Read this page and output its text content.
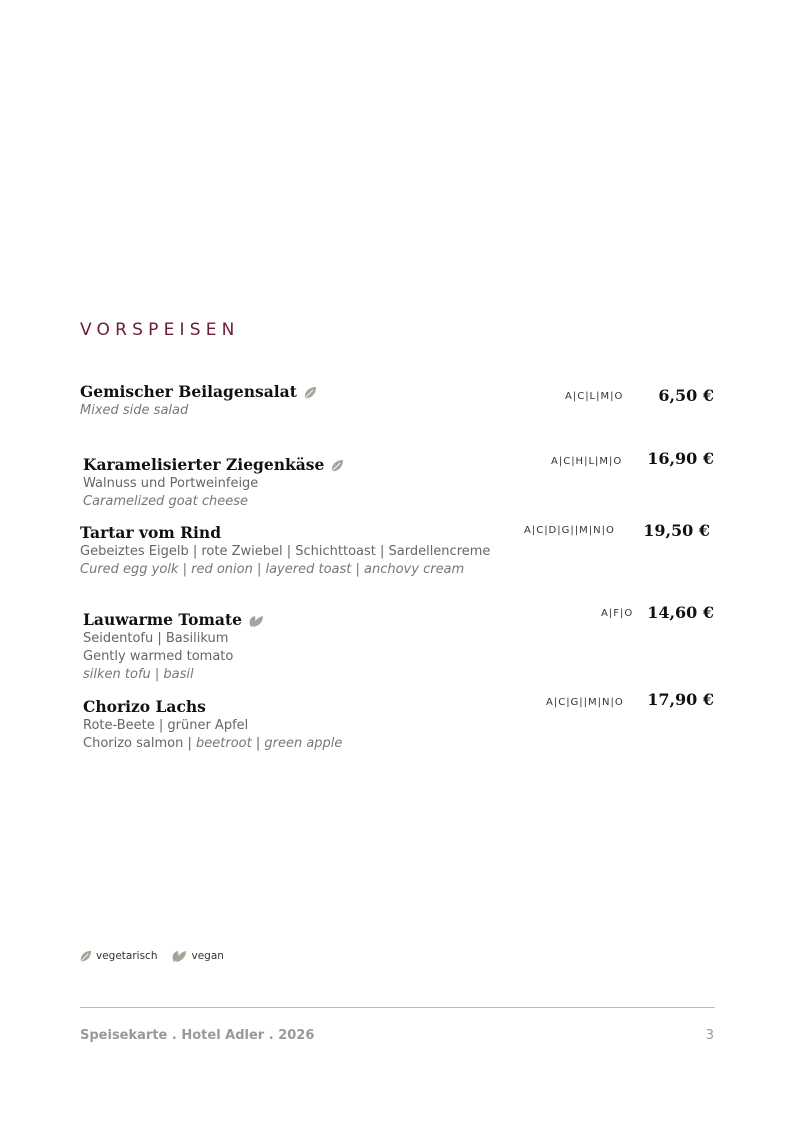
VORSPEISEN
Gemischer Beilagensalat
Mixed side salad
A|C|L|M|O 6,50 €
Karamelisierter Ziegenkäse
Walnuss und Portweinfeige
Caramelized goat cheese
A|C|H|L|M|O 16,90 €
Tartar vom Rind
Gebeiztes Eigelb | rote Zwiebel | Schichttoast | Sardellencreme
Cured egg yolk | red onion | layered toast | anchovy cream
A|C|D|G||M|N|O 19,50 €
Lauwarme Tomate
Seidentofu | Basilikum
Gently warmed tomato
silken tofu | basil
A|F|O 14,60 €
Chorizo Lachs
Rote-Beete | grüner Apfel
Chorizo salmon | beetroot | green apple
A|C|G||M|N|O 17,90 €
vegetarisch	vegan
Speisekarte . Hotel Adler . 2026	3
